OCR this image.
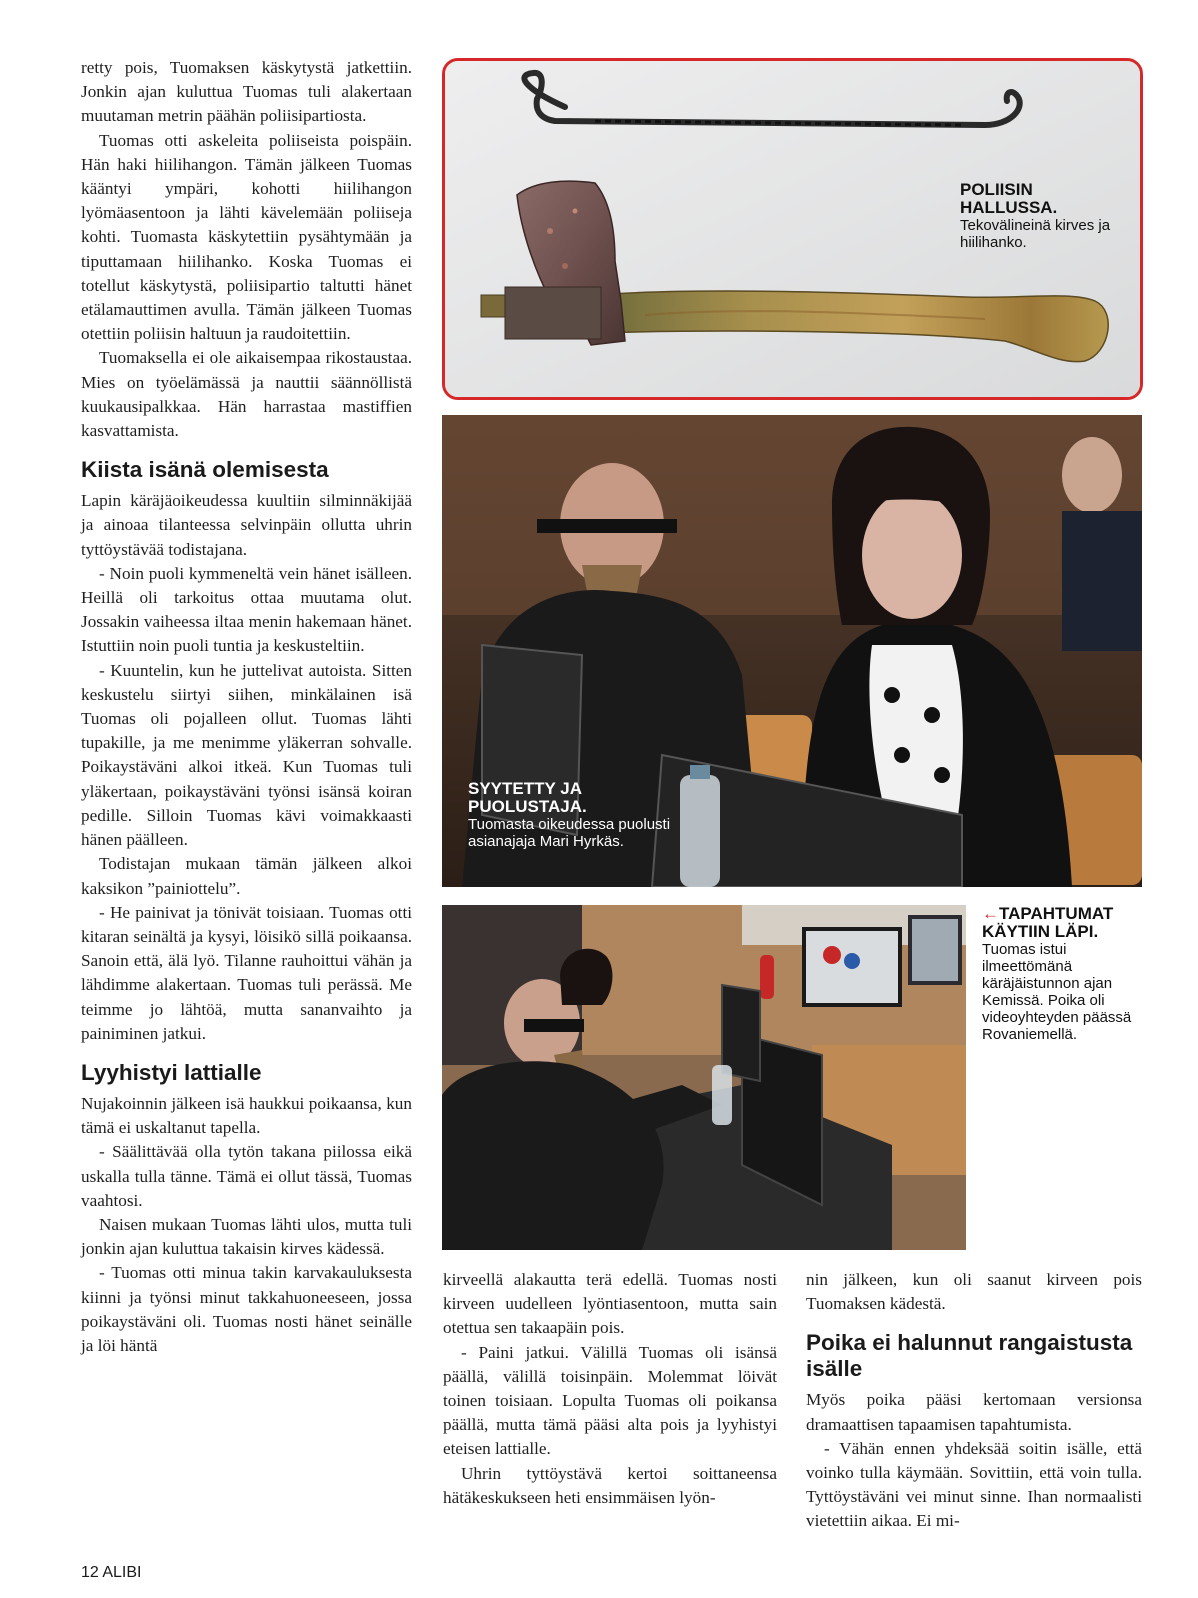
retty pois, Tuomaksen käskytystä jatkettiin. Jonkin ajan kuluttua Tuomas tuli alakertaan muutaman metrin päähän poliisipartiosta.

Tuomas otti askeleita poliiseista poispäin. Hän haki hiilihangon. Tämän jälkeen Tuomas kääntyi ympäri, kohotti hiilihangon lyömäasentoon ja lähti kävelemään poliiseja kohti. Tuomasta käskytettiin pysähtymään ja tiputtamaan hiilihanko. Koska Tuomas ei totellut käskytystä, poliisipartio taltutti hänet etälamauttimen avulla. Tämän jälkeen Tuomas otettiin poliisin haltuun ja raudoitettiin.

Tuomaksella ei ole aikaisempaa rikostaustaa. Mies on työelämässä ja nauttii säännöllistä kuukausipalkkaa. Hän harrastaa mastiffien kasvattamista.

Kiista isänä olemisesta

Lapin käräjäoikeudessa kuultiin silminnäkijää ja ainoaa tilanteessa selvinpäin ollutta uhrin tyttöystävää todistajana.

- Noin puoli kymmeneltä vein hänet isälleen. Heillä oli tarkoitus ottaa muutama olut. Jossakin vaiheessa iltaa menin hakemaan hänet. Istuttiin noin puoli tuntia ja keskusteltiin.

- Kuuntelin, kun he juttelivat autoista. Sitten keskustelu siirtyi siihen, minkälainen isä Tuomas oli pojalleen ollut. Tuomas lähti tupakille, ja me menimme yläkerran sohvalle. Poikaystäväni alkoi itkeä. Kun Tuomas tuli yläkertaan, poikaystäväni työnsi isänsä koiran pedille. Silloin Tuomas kävi voimakkaasti hänen päälleen.

Todistajan mukaan tämän jälkeen alkoi kaksikon ”painiottelu”.

- He painivat ja tönivät toisiaan. Tuomas otti kitaran seinältä ja kysyi, löisikö sillä poikaansa. Sanoin että, älä lyö. Tilanne rauhoittui vähän ja lähdimme alakertaan. Tuomas tuli perässä. Me teimme jo lähtöä, mutta sananvaihto ja painiminen jatkui.

Lyyhistyi lattialle

Nujakoinnin jälkeen isä haukkui poikaansa, kun tämä ei uskaltanut tapella.

- Säälittävää olla tytön takana piilossa eikä uskalla tulla tänne. Tämä ei ollut tässä, Tuomas vaahtosi.

Naisen mukaan Tuomas lähti ulos, mutta tuli jonkin ajan kuluttua takaisin kirves kädessä.

- Tuomas otti minua takin karvakauluksesta kiinni ja työnsi minut takkahuoneeseen, jossa poikaystäväni oli. Tuomas nosti hänet seinälle ja löi häntä

POLIISIN HALLUSSA.
Tekovälineinä kirves ja hiilihanko.
SYYTETTY JA PUOLUSTAJA.
Tuomasta oikeudessa puolusti asianajaja Mari Hyrkäs.
←TAPAHTUMAT KÄYTIIN LÄPI.
Tuomas istui ilmeettömänä käräjäistunnon ajan Kemissä. Poika oli videoyhteyden päässä Rovaniemellä.

kirveellä alakautta terä edellä. Tuomas nosti kirveen uudelleen lyöntiasentoon, mutta sain otettua sen takaapäin pois.

- Paini jatkui. Välillä Tuomas oli isänsä päällä, välillä toisinpäin. Molemmat löivät toinen toisiaan. Lopulta Tuomas oli poikansa päällä, mutta tämä pääsi alta pois ja lyyhistyi eteisen lattialle.

Uhrin tyttöystävä kertoi soittaneensa hätäkeskukseen heti ensimmäisen lyön-

nin jälkeen, kun oli saanut kirveen pois Tuomaksen kädestä.

Poika ei halunnut rangaistusta isälle

Myös poika pääsi kertomaan versionsa dramaattisen tapaamisen tapahtumista.

- Vähän ennen yhdeksää soitin isälle, että voinko tulla käymään. Sovittiin, että voin tulla. Tyttöystäväni vei minut sinne. Ihan normaalisti vietettiin aikaa. Ei mi-

12 ALIBI
